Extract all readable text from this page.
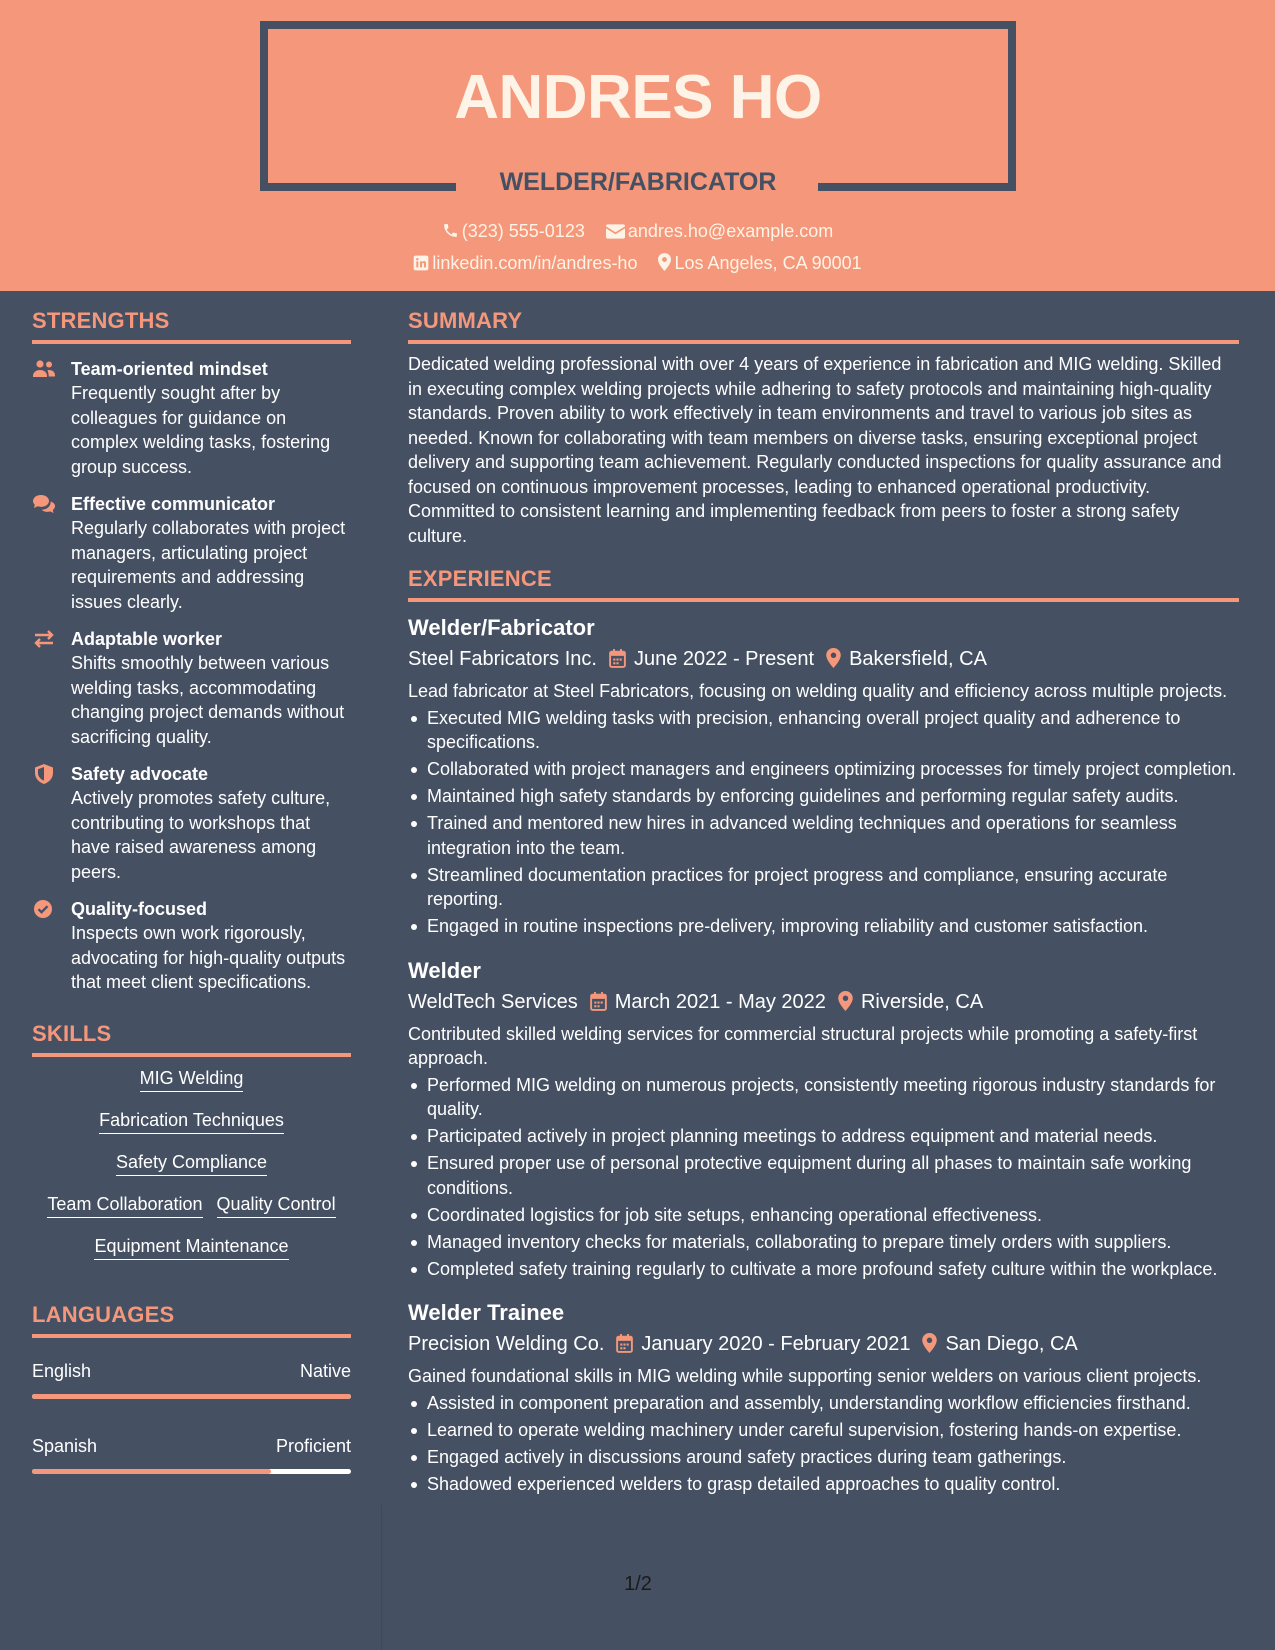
ANDRES HO
WELDER/FABRICATOR
(323) 555-0123 andres.ho@example.com
linkedin.com/in/andres-ho Los Angeles, CA 90001
STRENGTHS
Team-oriented mindset
Frequently sought after by colleagues for guidance on complex welding tasks, fostering group success.
Effective communicator
Regularly collaborates with project managers, articulating project requirements and addressing issues clearly.
Adaptable worker
Shifts smoothly between various welding tasks, accommodating changing project demands without sacrificing quality.
Safety advocate
Actively promotes safety culture, contributing to workshops that have raised awareness among peers.
Quality-focused
Inspects own work rigorously, advocating for high-quality outputs that meet client specifications.
SKILLS
MIG Welding
Fabrication Techniques
Safety Compliance
Team Collaboration Quality Control
Equipment Maintenance
LANGUAGES
English	Native
Spanish	Proficient
SUMMARY
Dedicated welding professional with over 4 years of experience in fabrication and MIG welding. Skilled in executing complex welding projects while adhering to safety protocols and maintaining high-quality standards. Proven ability to work effectively in team environments and travel to various job sites as needed. Known for collaborating with team members on diverse tasks, ensuring exceptional project delivery and supporting team achievement. Regularly conducted inspections for quality assurance and focused on continuous improvement processes, leading to enhanced operational productivity. Committed to consistent learning and implementing feedback from peers to foster a strong safety culture.
EXPERIENCE
Welder/Fabricator
Steel Fabricators Inc. June 2022 - Present Bakersfield, CA
Lead fabricator at Steel Fabricators, focusing on welding quality and efficiency across multiple projects.
Executed MIG welding tasks with precision, enhancing overall project quality and adherence to specifications.
Collaborated with project managers and engineers optimizing processes for timely project completion.
Maintained high safety standards by enforcing guidelines and performing regular safety audits.
Trained and mentored new hires in advanced welding techniques and operations for seamless integration into the team.
Streamlined documentation practices for project progress and compliance, ensuring accurate reporting.
Engaged in routine inspections pre-delivery, improving reliability and customer satisfaction.
Welder
WeldTech Services March 2021 - May 2022 Riverside, CA
Contributed skilled welding services for commercial structural projects while promoting a safety-first approach.
Performed MIG welding on numerous projects, consistently meeting rigorous industry standards for quality.
Participated actively in project planning meetings to address equipment and material needs.
Ensured proper use of personal protective equipment during all phases to maintain safe working conditions.
Coordinated logistics for job site setups, enhancing operational effectiveness.
Managed inventory checks for materials, collaborating to prepare timely orders with suppliers.
Completed safety training regularly to cultivate a more profound safety culture within the workplace.
Welder Trainee
Precision Welding Co. January 2020 - February 2021 San Diego, CA
Gained foundational skills in MIG welding while supporting senior welders on various client projects.
Assisted in component preparation and assembly, understanding workflow efficiencies firsthand.
Learned to operate welding machinery under careful supervision, fostering hands-on expertise.
Engaged actively in discussions around safety practices during team gatherings.
Shadowed experienced welders to grasp detailed approaches to quality control.
1/2
